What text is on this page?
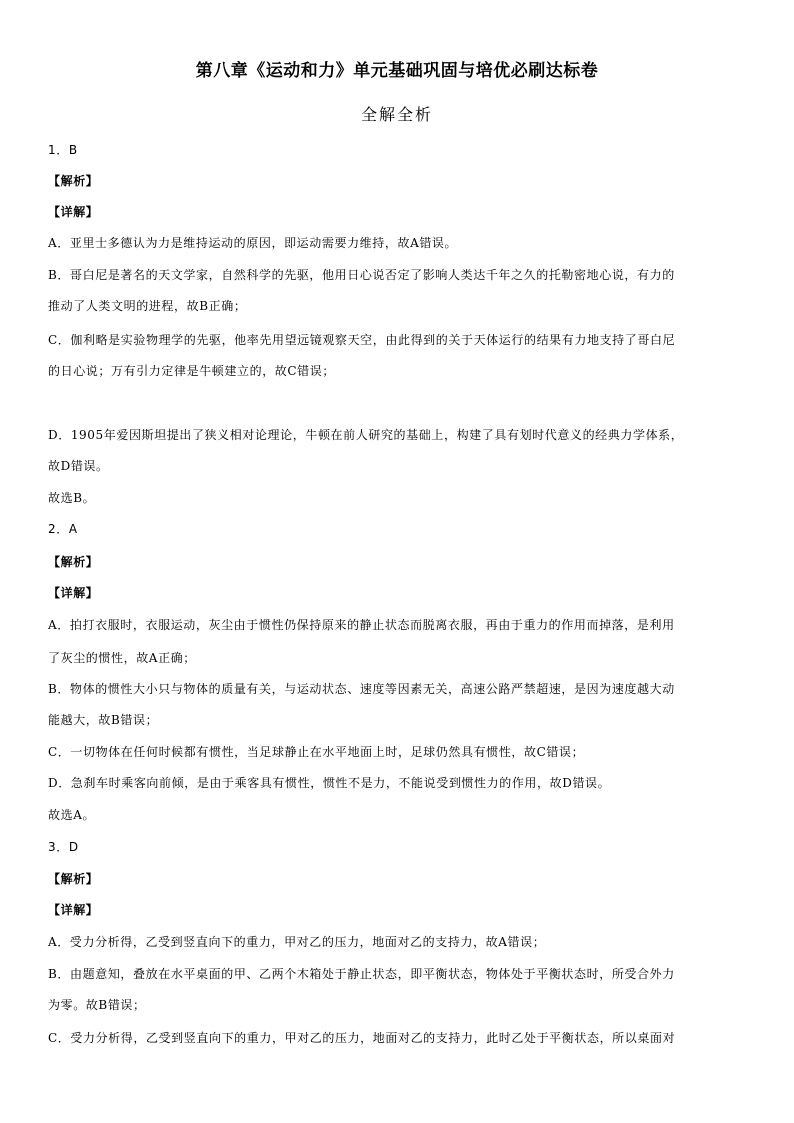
第八章《运动和力》单元基础巩固与培优必刷达标卷
全解全析
1．B
【解析】
【详解】
A．亚里士多德认为力是维持运动的原因，即运动需要力维持，故A错误。
B．哥白尼是著名的天文学家，自然科学的先驱，他用日心说否定了影响人类达千年之久的托勒密地心说，有力的
推动了人类文明的进程，故B正确；
C．伽利略是实验物理学的先驱，他率先用望远镜观察天空，由此得到的关于天体运行的结果有力地支持了哥白尼
的日心说；万有引力定律是牛顿建立的，故C错误；
D．1905年爱因斯坦提出了狭义相对论理论，牛顿在前人研究的基础上，构建了具有划时代意义的经典力学体系，
故D错误。
故选B。
2．A
【解析】
【详解】
A．拍打衣服时，衣服运动，灰尘由于惯性仍保持原来的静止状态而脱离衣服，再由于重力的作用而掉落，是利用
了灰尘的惯性，故A正确；
B．物体的惯性大小只与物体的质量有关，与运动状态、速度等因素无关，高速公路严禁超速，是因为速度越大动
能越大，故B错误；
C．一切物体在任何时候都有惯性，当足球静止在水平地面上时，足球仍然具有惯性，故C错误；
D．急刹车时乘客向前倾，是由于乘客具有惯性，惯性不是力，不能说受到惯性力的作用，故D错误。
故选A。
3．D
【解析】
【详解】
A．受力分析得，乙受到竖直向下的重力，甲对乙的压力，地面对乙的支持力，故A错误；
B．由题意知，叠放在水平桌面的甲、乙两个木箱处于静止状态，即平衡状态，物体处于平衡状态时，所受合外力
为零。故B错误；
C．受力分析得，乙受到竖直向下的重力，甲对乙的压力，地面对乙的支持力，此时乙处于平衡状态，所以桌面对
